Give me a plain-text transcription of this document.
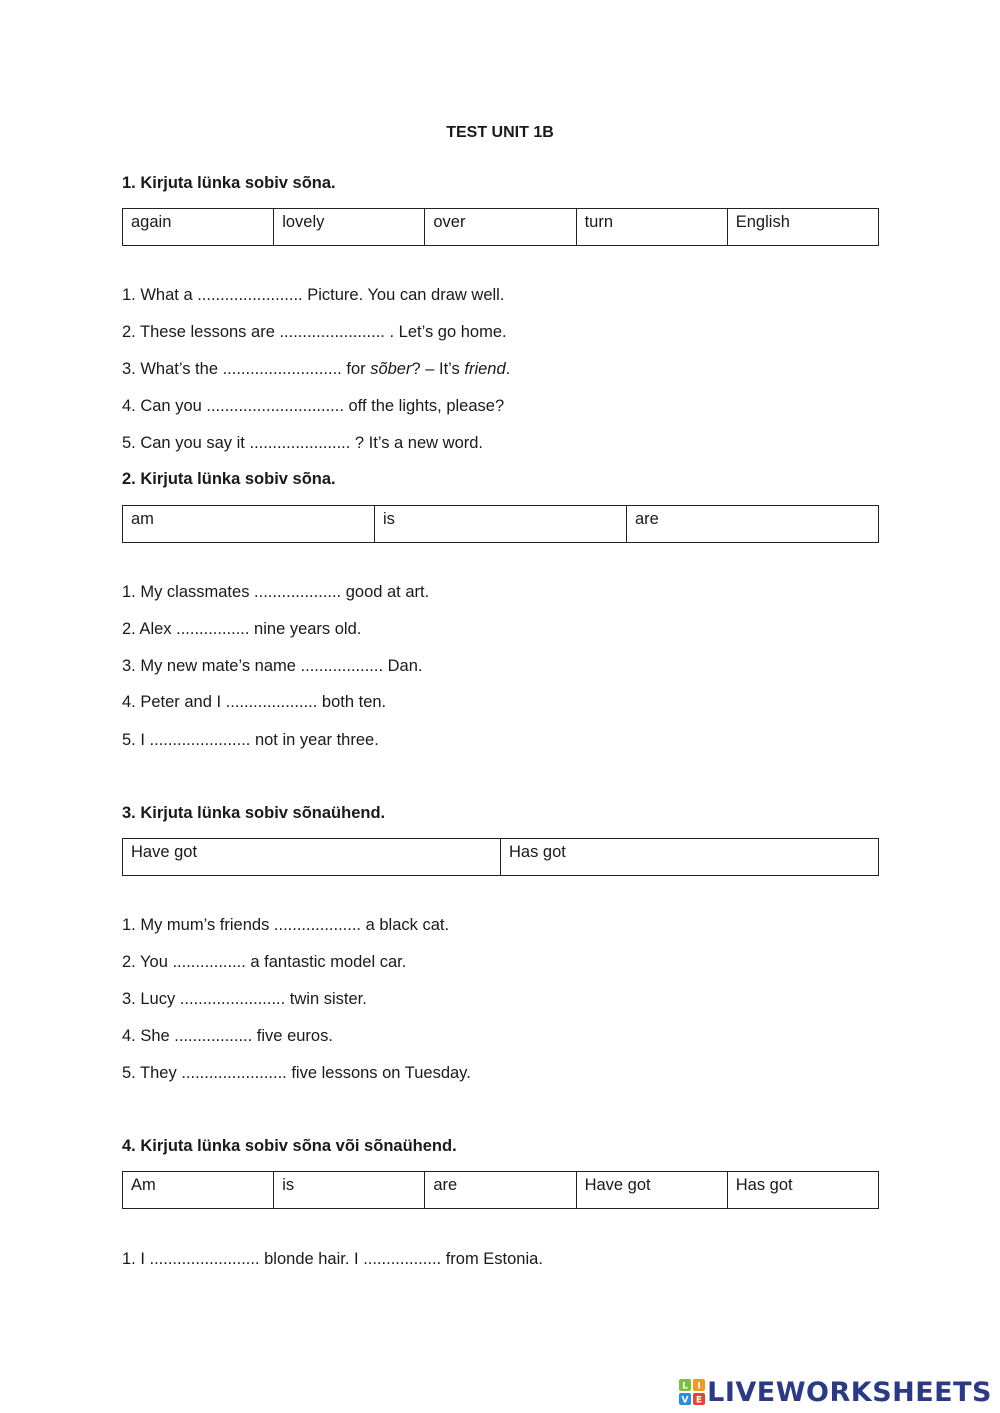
TEST UNIT 1B
1. Kirjuta lünka sobiv sõna.
again	lovely	over	turn	English
1. What a ....................... Picture. You can draw well.
2. These lessons are ....................... . Let’s go home.
3. What’s the .......................... for sõber? – It’s friend.
4. Can you .............................. off the lights, please?
5. Can you say it ...................... ? It’s a new word.
2. Kirjuta lünka sobiv sõna.
am	is	are
1. My classmates ................... good at art.
2. Alex ................ nine years old.
3. My new mate’s name .................. Dan.
4. Peter and I .................... both ten.
5. I ...................... not in year three.
3. Kirjuta lünka sobiv sõnaühend.
Have got	Has got
1. My mum’s friends ................... a black cat.
2. You ................ a fantastic model car.
3. Lucy ....................... twin sister.
4. She ................. five euros.
5. They ....................... five lessons on Tuesday.
4. Kirjuta lünka sobiv sõna või sõnaühend.
Am	is	are	Have got	Has got
1. I ........................ blonde hair. I ................. from Estonia.
L I
V E LIVEWORKSHEETS
